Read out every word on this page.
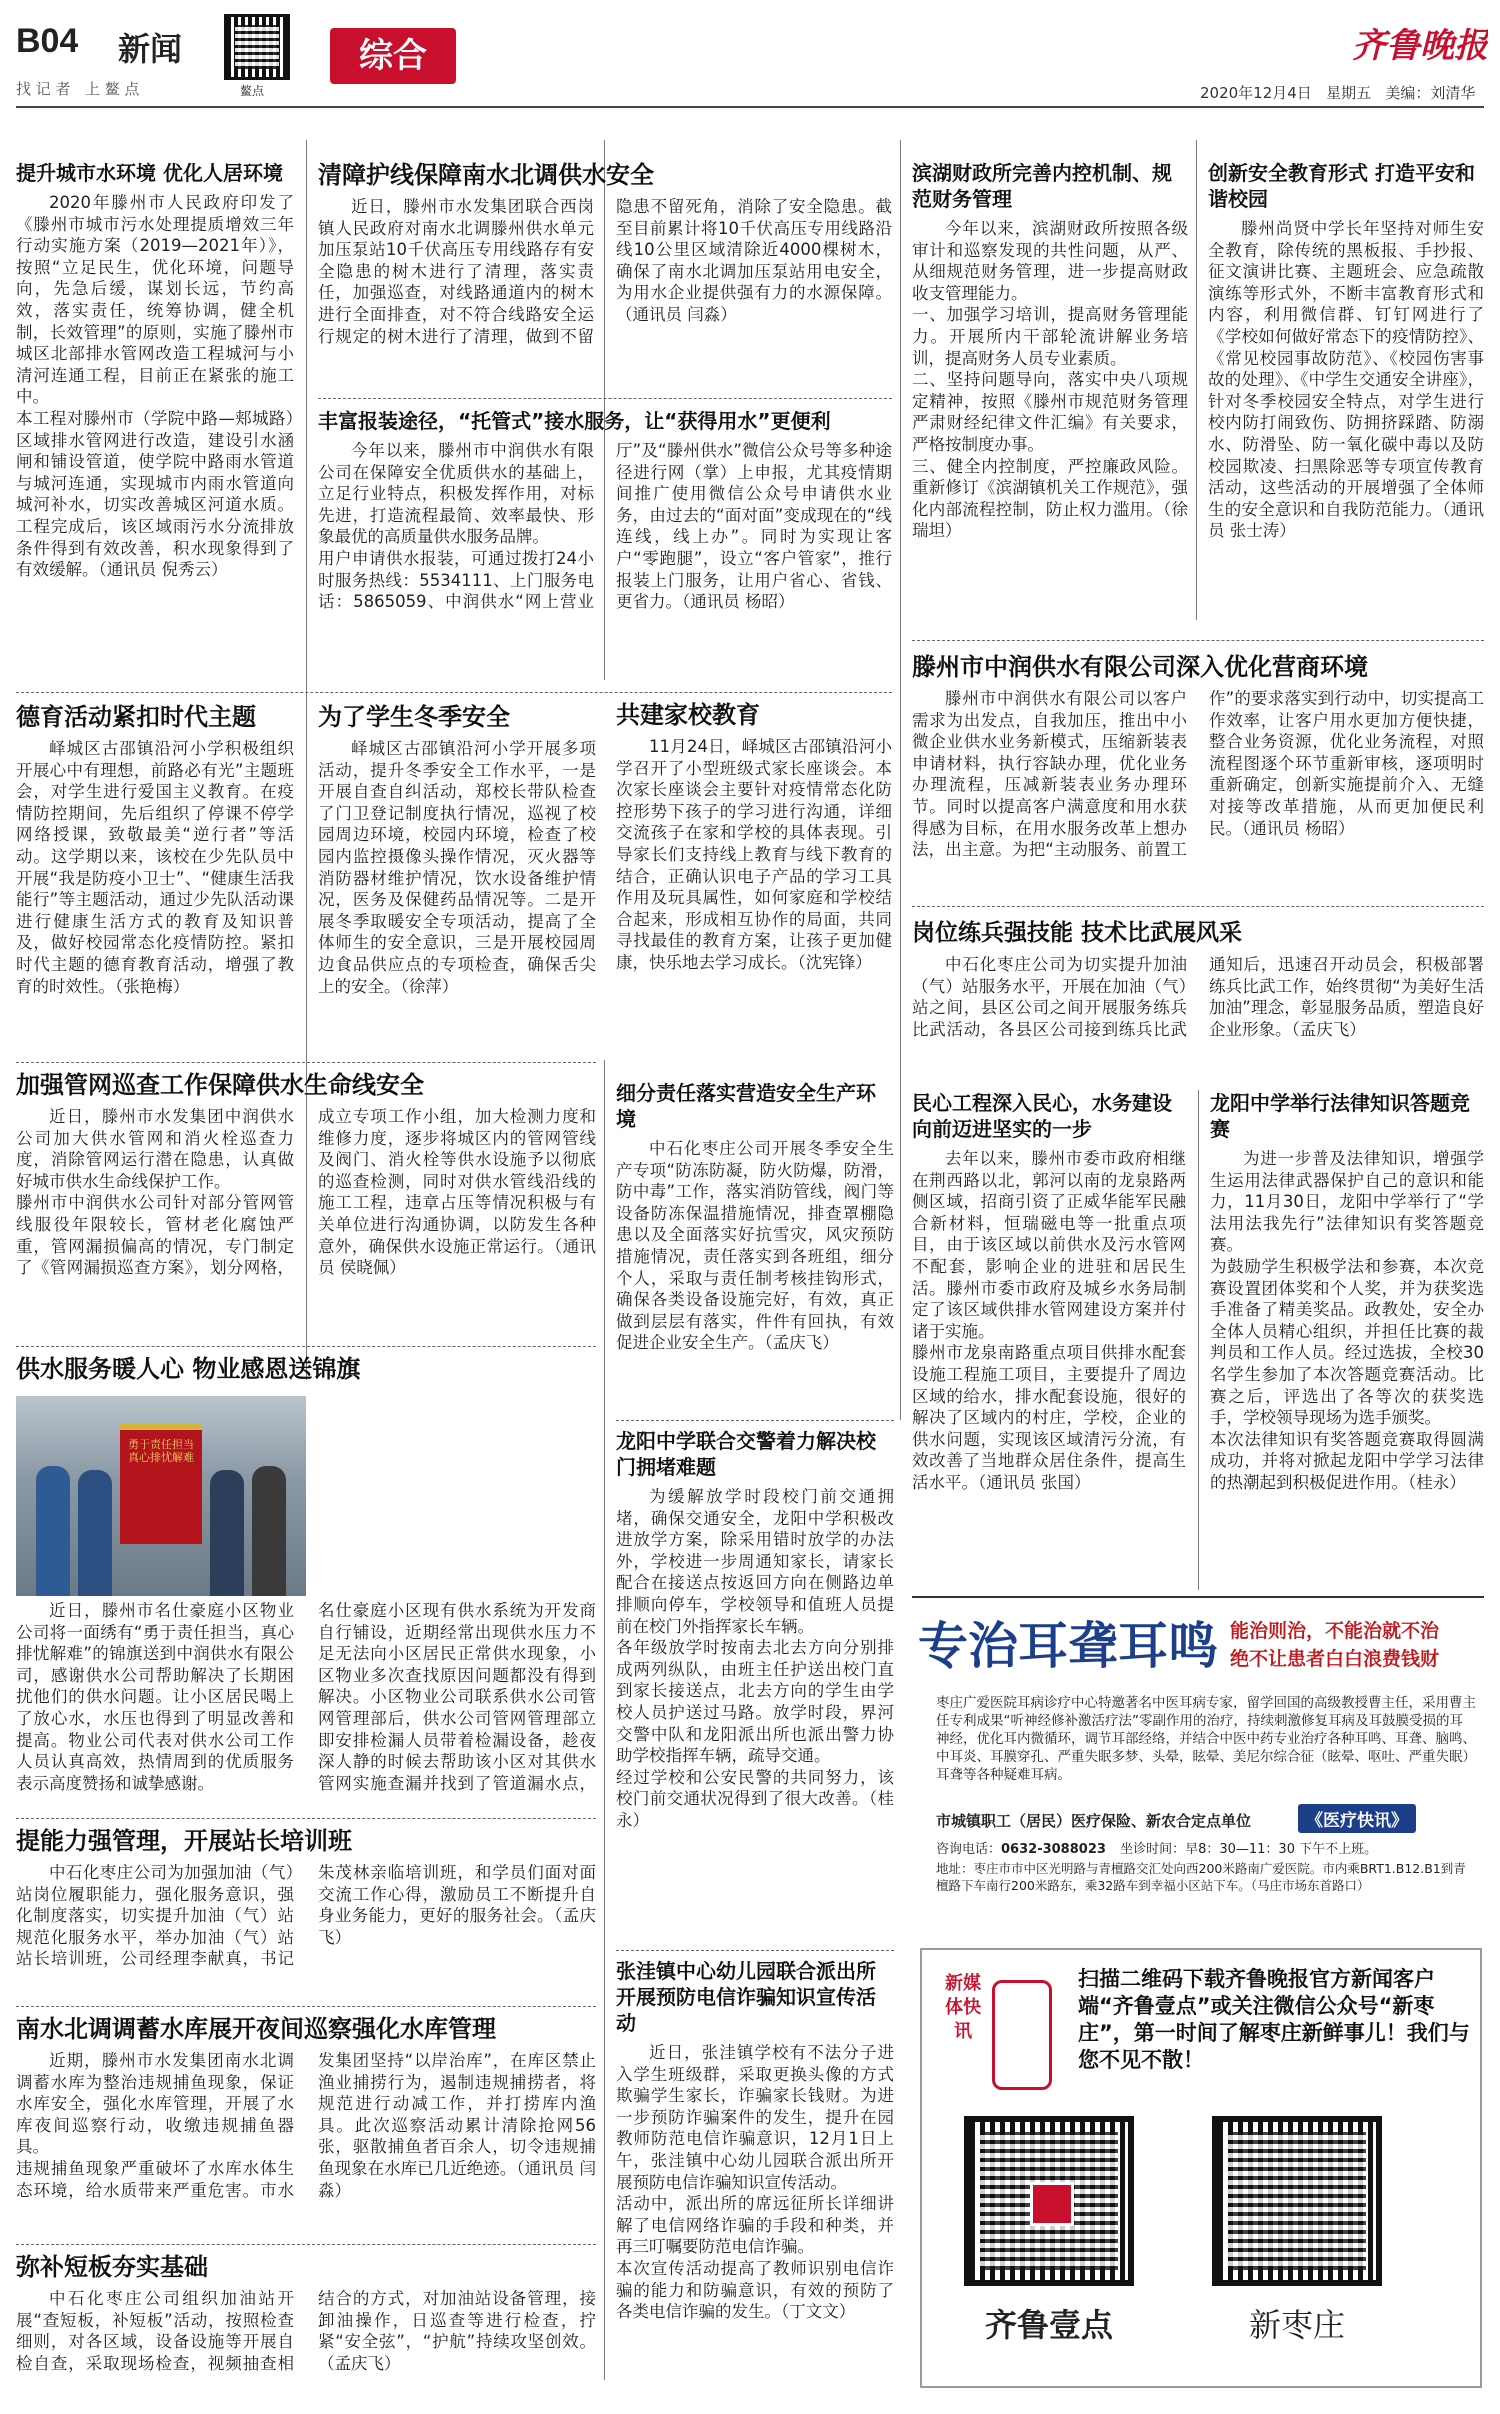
B04 新闻
找 记 者   上 鳌 点	鳌点
综合	齐鲁晚报
2020年12月4日   星期五   美编：刘清华
提升城市水环境 优化人居环境
2020年滕州市人民政府印发了《滕州市城市污水处理提质增效三年行动实施方案（2019—2021年）》，按照“立足民生，优化环境，问题导向，先急后缓，谋划长远，节约高效，落实责任，统筹协调，健全机制，长效管理”的原则，实施了滕州市城区北部排水管网改造工程城河与小清河连通工程，目前正在紧张的施工中。
本工程对滕州市（学院中路—郏城路）区域排水管网进行改造，建设引水涵闸和铺设管道，使学院中路雨水管道与城河连通，实现城市内雨水管道向城河补水，切实改善城区河道水质。工程完成后，该区域雨污水分流排放条件得到有效改善，积水现象得到了有效缓解。（通讯员 倪秀云）
清障护线保障南水北调供水安全
近日，滕州市水发集团联合西岗镇人民政府对南水北调滕州供水单元加压泵站10千伏高压专用线路存有安全隐患的树木进行了清理，落实责任，加强巡查，对线路通道内的树木进行全面排查，对不符合线路安全运行规定的树木进行了清理，做到不留隐患不留死角，消除了安全隐患。截至目前累计将10千伏高压专用线路沿线10公里区域清除近4000棵树木，确保了南水北调加压泵站用电安全，为用水企业提供强有力的水源保障。（通讯员 闫淼）
丰富报装途径，“托管式”接水服务，让“获得用水”更便利
今年以来，滕州市中润供水有限公司在保障安全优质供水的基础上，立足行业特点，积极发挥作用，对标先进，打造流程最简、效率最快、形象最优的高质量供水服务品牌。
用户申请供水报装，可通过拨打24小时服务热线：5534111、上门服务电话：5865059、中润供水“网上营业厅”及“滕州供水”微信公众号等多种途径进行网（掌）上申报，尤其疫情期间推广使用微信公众号申请供水业务，由过去的“面对面”变成现在的“线连线，线上办”。同时为实现让客户“零跑腿”，设立“客户管家”，推行报装上门服务，让用户省心、省钱、更省力。（通讯员 杨昭）
滨湖财政所完善内控机制、规范财务管理
今年以来，滨湖财政所按照各级审计和巡察发现的共性问题，从严、从细规范财务管理，进一步提高财政收支管理能力。
一、加强学习培训，提高财务管理能力。开展所内干部轮流讲解业务培训，提高财务人员专业素质。
二、坚持问题导向，落实中央八项规定精神，按照《滕州市规范财务管理严肃财经纪律文件汇编》有关要求，严格按制度办事。
三、健全内控制度，严控廉政风险。重新修订《滨湖镇机关工作规范》，强化内部流程控制，防止权力滥用。（徐瑞坦）
创新安全教育形式 打造平安和谐校园
滕州尚贤中学长年坚持对师生安全教育，除传统的黑板报、手抄报、征文演讲比赛、主题班会、应急疏散演练等形式外，不断丰富教育形式和内容，利用微信群、钉钉网进行了《学校如何做好常态下的疫情防控》、《常见校园事故防范》、《校园伤害事故的处理》、《中学生交通安全讲座》，针对冬季校园安全特点，对学生进行校内防打闹致伤、防拥挤踩踏、防溺水、防滑坠、防一氧化碳中毒以及防校园欺凌、扫黑除恶等专项宣传教育活动，这些活动的开展增强了全体师生的安全意识和自我防范能力。（通讯员 张士涛）
滕州市中润供水有限公司深入优化营商环境
滕州市中润供水有限公司以客户需求为出发点，自我加压，推出中小微企业供水业务新模式，压缩新装表申请材料，执行容缺办理，优化业务办理流程，压减新装表业务办理环节。同时以提高客户满意度和用水获得感为目标，在用水服务改革上想办法，出主意。为把“主动服务、前置工作”的要求落实到行动中，切实提高工作效率，让客户用水更加方便快捷，整合业务资源，优化业务流程，对照流程图逐个环节重新审核，逐项明时重新确定，创新实施提前介入、无缝对接等改革措施，从而更加便民利民。（通讯员 杨昭）
岗位练兵强技能 技术比武展风采
中石化枣庄公司为切实提升加油（气）站服务水平，开展在加油（气）站之间，县区公司之间开展服务练兵比武活动，各县区公司接到练兵比武通知后，迅速召开动员会，积极部署练兵比武工作，始终贯彻“为美好生活加油”理念，彰显服务品质，塑造良好企业形象。（孟庆飞）
德育活动紧扣时代主题
峄城区古邵镇沿河小学积极组织开展心中有理想，前路必有光”主题班会，对学生进行爱国主义教育。在疫情防控期间，先后组织了停课不停学网络授课，致敬最美“逆行者”等活动。这学期以来，该校在少先队员中开展“我是防疫小卫士”、“健康生活我能行”等主题活动，通过少先队活动课进行健康生活方式的教育及知识普及，做好校园常态化疫情防控。紧扣时代主题的德育教育活动，增强了教育的时效性。（张艳梅）
为了学生冬季安全
峄城区古邵镇沿河小学开展多项活动，提升冬季安全工作水平，一是开展自查自纠活动，郑校长带队检查了门卫登记制度执行情况，巡视了校园周边环境，校园内环境，检查了校园内监控摄像头操作情况，灭火器等消防器材维护情况，饮水设备维护情况，医务及保健药品情况等。二是开展冬季取暖安全专项活动，提高了全体师生的安全意识，三是开展校园周边食品供应点的专项检查，确保舌尖上的安全。（徐萍）
共建家校教育
11月24日，峄城区古邵镇沿河小学召开了小型班级式家长座谈会。本次家长座谈会主要针对疫情常态化防控形势下孩子的学习进行沟通，详细交流孩子在家和学校的具体表现。引导家长们支持线上教育与线下教育的结合，正确认识电子产品的学习工具作用及玩具属性，如何家庭和学校结合起来，形成相互协作的局面，共同寻找最佳的教育方案，让孩子更加健康，快乐地去学习成长。（沈宪锋）
加强管网巡查工作保障供水生命线安全
近日，滕州市水发集团中润供水公司加大供水管网和消火栓巡查力度，消除管网运行潜在隐患，认真做好城市供水生命线保护工作。
滕州市中润供水公司针对部分管网管线服役年限较长，管材老化腐蚀严重，管网漏损偏高的情况，专门制定了《管网漏损巡查方案》，划分网格，成立专项工作小组，加大检测力度和维修力度，逐步将城区内的管网管线及阀门、消火栓等供水设施予以彻底的巡查检测，同时对供水管线沿线的施工工程，违章占压等情况积极与有关单位进行沟通协调，以防发生各种意外，确保供水设施正常运行。（通讯员 侯晓佩）
细分责任落实营造安全生产环境
中石化枣庄公司开展冬季安全生产专项“防冻防凝，防火防爆，防滑，防中毒”工作，落实消防管线，阀门等设备防冻保温措施情况，排查罩棚隐患以及全面落实好抗雪灾，风灾预防措施情况，责任落实到各班组，细分个人，采取与责任制考核挂钩形式，确保各类设备设施完好，有效，真正做到层层有落实，件件有回执，有效促进企业安全生产。（孟庆飞）
民心工程深入民心，水务建设向前迈进坚实的一步
去年以来，滕州市委市政府相继在荆西路以北，郭河以南的龙泉路两侧区域，招商引资了正威华能军民融合新材料，恒瑞磁电等一批重点项目，由于该区域以前供水及污水管网不配套，影响企业的进驻和居民生活。滕州市委市政府及城乡水务局制定了该区域供排水管网建设方案并付诸于实施。
滕州市龙泉南路重点项目供排水配套设施工程施工项目，主要提升了周边区域的给水，排水配套设施，很好的解决了区域内的村庄，学校，企业的供水问题，实现该区域清污分流，有效改善了当地群众居住条件，提高生活水平。（通讯员 张国）
龙阳中学举行法律知识答题竞赛
为进一步普及法律知识，增强学生运用法律武器保护自己的意识和能力，11月30日，龙阳中学举行了“学法用法我先行”法律知识有奖答题竞赛。
为鼓励学生积极学法和参赛，本次竞赛设置团体奖和个人奖，并为获奖选手准备了精美奖品。政教处，安全办全体人员精心组织，并担任比赛的裁判员和工作人员。经过选拔，全校30名学生参加了本次答题竞赛活动。比赛之后，评选出了各等次的获奖选手，学校领导现场为选手颁奖。
本次法律知识有奖答题竞赛取得圆满成功，并将对掀起龙阳中学学习法律的热潮起到积极促进作用。（桂永）
供水服务暖人心 物业感恩送锦旗
勇于责任担当 真心排忧解难
近日，滕州市名仕豪庭小区物业公司将一面绣有“勇于责任担当，真心排忧解难”的锦旗送到中润供水有限公司，感谢供水公司帮助解决了长期困扰他们的供水问题。让小区居民喝上了放心水，水压也得到了明显改善和提高。物业公司代表对供水公司工作人员认真高效，热情周到的优质服务表示高度赞扬和诚挚感谢。
名仕豪庭小区现有供水系统为开发商自行铺设，近期经常出现供水压力不足无法向小区居民正常供水现象，小区物业多次查找原因问题都没有得到解决。小区物业公司联系供水公司管网管理部后，供水公司管网管理部立即安排检漏人员带着检漏设备，趁夜深人静的时候去帮助该小区对其供水管网实施查漏并找到了管道漏水点，

提能力强管理，开展站长培训班
中石化枣庄公司为加强加油（气）站岗位履职能力，强化服务意识，强化制度落实，切实提升加油（气）站规范化服务水平，举办加油（气）站站长培训班，公司经理李献真，书记朱茂林亲临培训班，和学员们面对面交流工作心得，激励员工不断提升自身业务能力，更好的服务社会。（孟庆飞）
南水北调调蓄水库展开夜间巡察强化水库管理
近期，滕州市水发集团南水北调调蓄水库为整治违规捕鱼现象，保证水库安全，强化水库管理，开展了水库夜间巡察行动，收缴违规捕鱼器具。
违规捕鱼现象严重破坏了水库水体生态环境，给水质带来严重危害。市水发集团坚持“以岸治库”，在库区禁止渔业捕捞行为，遏制违规捕捞者，将规范进行动减工作，并打捞库内渔具。此次巡察活动累计清除抢网56张，驱散捕鱼者百余人，切令违规捕鱼现象在水库已几近绝迹。（通讯员 闫淼）
弥补短板夯实基础
中石化枣庄公司组织加油站开展“查短板，补短板”活动，按照检查细则，对各区域，设备设施等开展自检自查，采取现场检查，视频抽查相结合的方式，对加油站设备管理，接卸油操作，日巡查等进行检查，拧紧“安全弦”，“护航”持续攻坚创效。（孟庆飞）
龙阳中学联合交警着力解决校门拥堵难题
为缓解放学时段校门前交通拥堵，确保交通安全，龙阳中学积极改进放学方案，除采用错时放学的办法外，学校进一步周通知家长，请家长配合在接送点按返回方向在侧路边单排顺向停车，学校领导和值班人员提前在校门外指挥家长车辆。
各年级放学时按南去北去方向分别排成两列纵队，由班主任护送出校门直到家长接送点，北去方向的学生由学校人员护送过马路。放学时段，界河交警中队和龙阳派出所也派出警力协助学校指挥车辆，疏导交通。
经过学校和公安民警的共同努力，该校门前交通状况得到了很大改善。（桂永）
张洼镇中心幼儿园联合派出所开展预防电信诈骗知识宣传活动
近日，张洼镇学校有不法分子进入学生班级群，采取更换头像的方式欺骗学生家长，诈骗家长钱财。为进一步预防诈骗案件的发生，提升在园教师防范电信诈骗意识，12月1日上午，张洼镇中心幼儿园联合派出所开展预防电信诈骗知识宣传活动。
活动中，派出所的席远征所长详细讲解了电信网络诈骗的手段和种类，并再三叮嘱要防范电信诈骗。
本次宣传活动提高了教师识别电信诈骗的能力和防骗意识，有效的预防了各类电信诈骗的发生。（丁文文）
专治耳聋耳鸣 能治则治，不能治就不治
绝不让患者白白浪费钱财
枣庄广爱医院耳病诊疗中心特邀著名中医耳病专家，留学回国的高级教授曹主任，采用曹主任专利成果“听神经修补激活疗法”零副作用的治疗，持续刺激修复耳病及耳鼓膜受损的耳神经，优化耳内微循环，调节耳部经络，并结合中医中药专业治疗各种耳鸣、耳聋、脑鸣、中耳炎、耳膜穿孔、严重失眠多梦、头晕，眩晕、美尼尔综合征（眩晕、呕吐、严重失眠）耳聋等各种疑难耳病。
市城镇职工（居民）医疗保险、新农合定点单位	《医疗快讯》
咨询电话：0632-3088023 坐诊时间：早8：30—11：30 下午不上班。
地址：枣庄市市中区光明路与青檀路交汇处向西200米路南广爱医院。市内乘BRT1.B12.B1到青檀路下车南行200米路东，乘32路车到幸福小区站下车。（马庄市场东首路口）
新媒体快讯
扫描二维码下载齐鲁晚报官方新闻客户端“齐鲁壹点”或关注微信公众号“新枣庄”，第一时间了解枣庄新鲜事儿！我们与您不见不散！
齐鲁壹点	新枣庄
